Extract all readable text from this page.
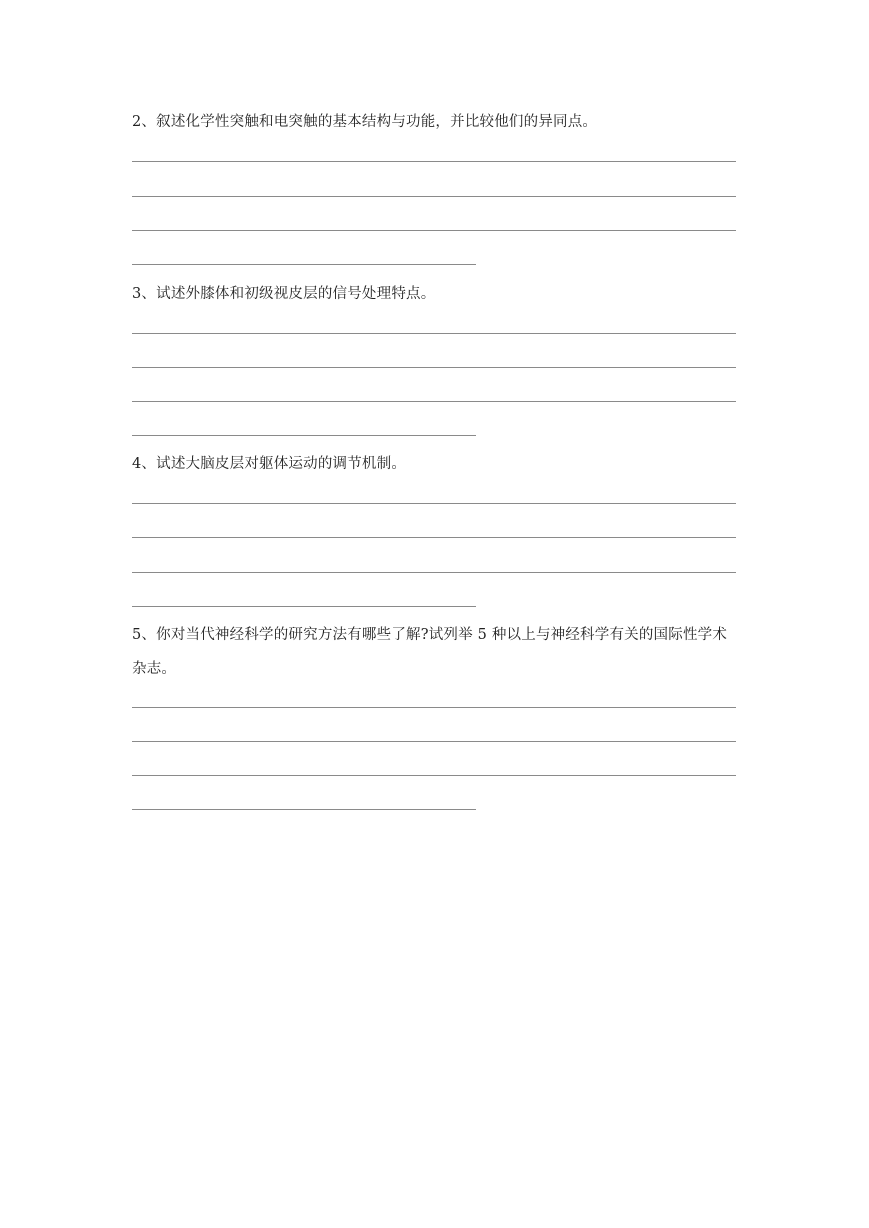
2、叙述化学性突触和电突触的基本结构与功能，并比较他们的异同点。

3、试述外膝体和初级视皮层的信号处理特点。

4、试述大脑皮层对躯体运动的调节机制。

5、你对当代神经科学的研究方法有哪些了解?试列举 5 种以上与神经科学有关的国际性学术杂志。
